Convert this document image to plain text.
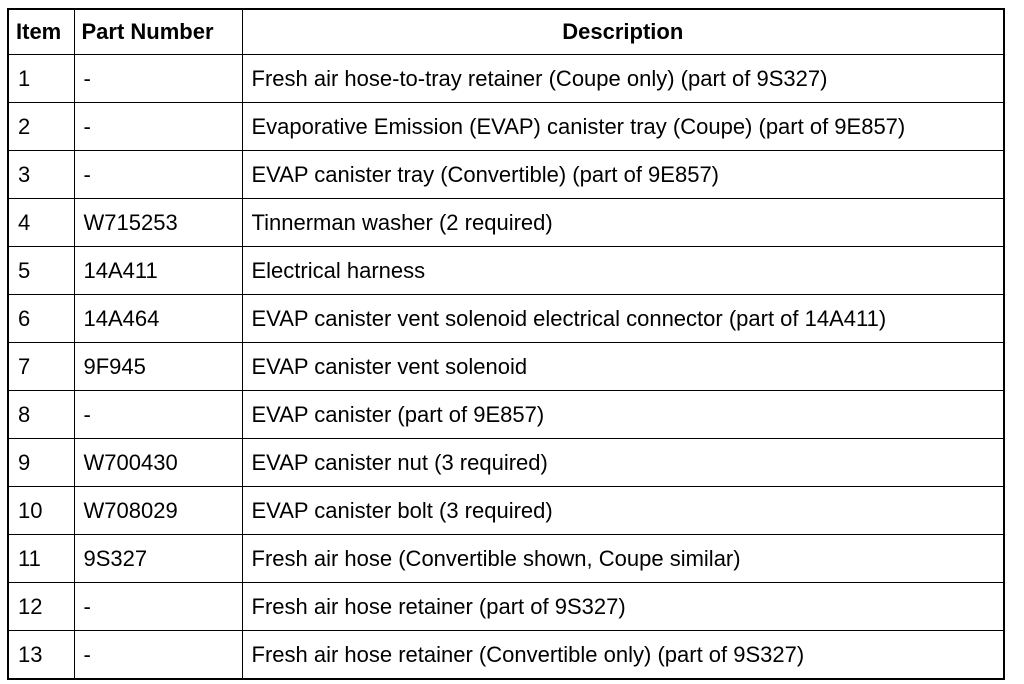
Item	Part Number	Description
1	-	Fresh air hose-to-tray retainer (Coupe only) (part of 9S327)
2	-	Evaporative Emission (EVAP) canister tray (Coupe) (part of 9E857)
3	-	EVAP canister tray (Convertible) (part of 9E857)
4	W715253	Tinnerman washer (2 required)
5	14A411	Electrical harness
6	14A464	EVAP canister vent solenoid electrical connector (part of 14A411)
7	9F945	EVAP canister vent solenoid
8	-	EVAP canister (part of 9E857)
9	W700430	EVAP canister nut (3 required)
10	W708029	EVAP canister bolt (3 required)
11	9S327	Fresh air hose (Convertible shown, Coupe similar)
12	-	Fresh air hose retainer (part of 9S327)
13	-	Fresh air hose retainer (Convertible only) (part of 9S327)
